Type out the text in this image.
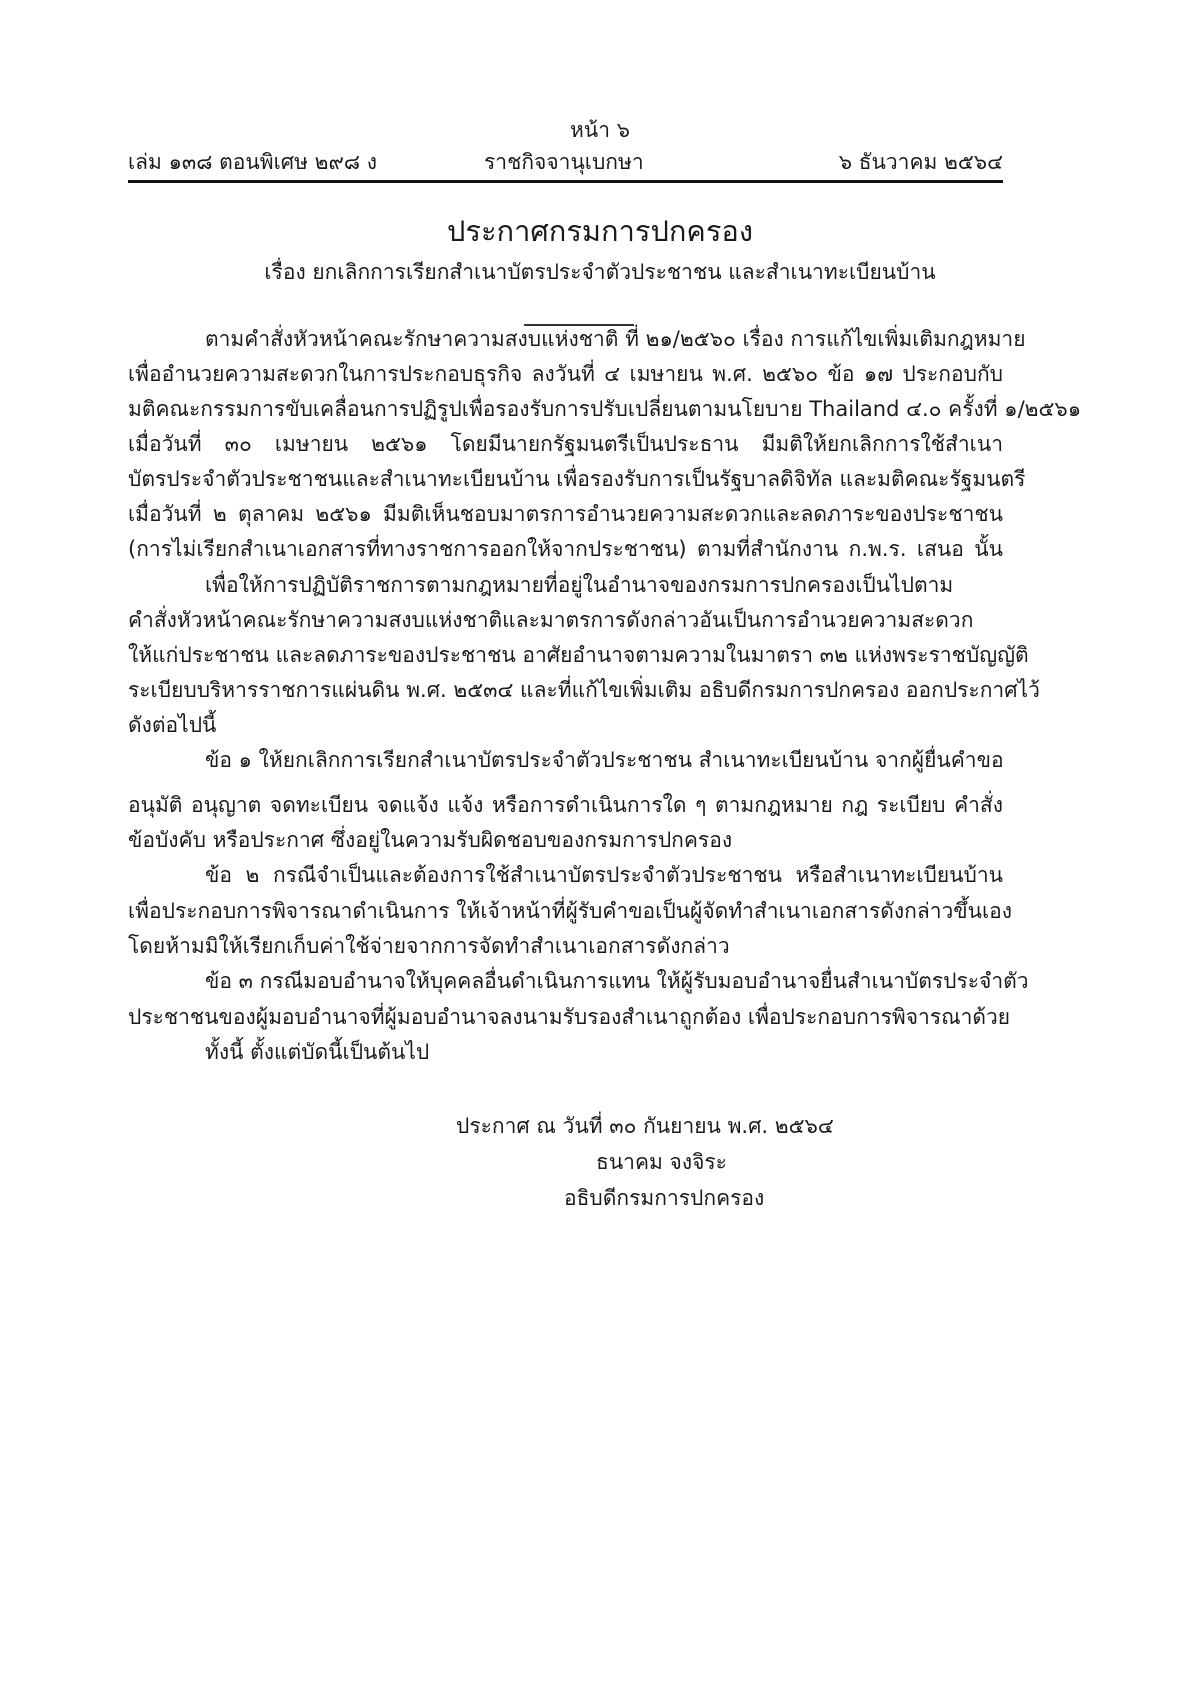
หน้า ๖
เล่ม ๑๓๘ ตอนพิเศษ ๒๙๘ ง	ราชกิจจานุเบกษา	๖ ธันวาคม ๒๕๖๔
ประกาศกรมการปกครอง
เรื่อง ยกเลิกการเรียกสำเนาบัตรประจำตัวประชาชน และสำเนาทะเบียนบ้าน
ตามคำสั่งหัวหน้าคณะรักษาความสงบแห่งชาติ ที่ ๒๑/๒๕๖๐ เรื่อง การแก้ไขเพิ่มเติมกฎหมาย
เพื่ออำนวยความสะดวกในการประกอบธุรกิจ ลงวันที่ ๔ เมษายน พ.ศ. ๒๕๖๐ ข้อ ๑๗ ประกอบกับ
มติคณะกรรมการขับเคลื่อนการปฏิรูปเพื่อรองรับการปรับเปลี่ยนตามนโยบาย Thailand ๔.๐ ครั้งที่ ๑/๒๕๖๑
เมื่อวันที่ ๓๐ เมษายน ๒๕๖๑ โดยมีนายกรัฐมนตรีเป็นประธาน มีมติให้ยกเลิกการใช้สำเนา
บัตรประจำตัวประชาชนและสำเนาทะเบียนบ้าน เพื่อรองรับการเป็นรัฐบาลดิจิทัล และมติคณะรัฐมนตรี
เมื่อวันที่ ๒ ตุลาคม ๒๕๖๑ มีมติเห็นชอบมาตรการอำนวยความสะดวกและลดภาระของประชาชน
(การไม่เรียกสำเนาเอกสารที่ทางราชการออกให้จากประชาชน) ตามที่สำนักงาน ก.พ.ร. เสนอ นั้น
เพื่อให้การปฏิบัติราชการตามกฎหมายที่อยู่ในอำนาจของกรมการปกครองเป็นไปตาม
คำสั่งหัวหน้าคณะรักษาความสงบแห่งชาติและมาตรการดังกล่าวอันเป็นการอำนวยความสะดวก
ให้แก่ประชาชน และลดภาระของประชาชน อาศัยอำนาจตามความในมาตรา ๓๒ แห่งพระราชบัญญัติ
ระเบียบบริหารราชการแผ่นดิน พ.ศ. ๒๕๓๔ และที่แก้ไขเพิ่มเติม อธิบดีกรมการปกครอง ออกประกาศไว้
ดังต่อไปนี้
ข้อ ๑ ให้ยกเลิกการเรียกสำเนาบัตรประจำตัวประชาชน สำเนาทะเบียนบ้าน จากผู้ยื่นคำขอ
อนุมัติ อนุญาต จดทะเบียน จดแจ้ง แจ้ง หรือการดำเนินการใด ๆ ตามกฎหมาย กฎ ระเบียบ คำสั่ง
ข้อบังคับ หรือประกาศ ซึ่งอยู่ในความรับผิดชอบของกรมการปกครอง
ข้อ ๒ กรณีจำเป็นและต้องการใช้สำเนาบัตรประจำตัวประชาชน หรือสำเนาทะเบียนบ้าน
เพื่อประกอบการพิจารณาดำเนินการ ให้เจ้าหน้าที่ผู้รับคำขอเป็นผู้จัดทำสำเนาเอกสารดังกล่าวขึ้นเอง
โดยห้ามมิให้เรียกเก็บค่าใช้จ่ายจากการจัดทำสำเนาเอกสารดังกล่าว
ข้อ ๓ กรณีมอบอำนาจให้บุคคลอื่นดำเนินการแทน ให้ผู้รับมอบอำนาจยื่นสำเนาบัตรประจำตัว
ประชาชนของผู้มอบอำนาจที่ผู้มอบอำนาจลงนามรับรองสำเนาถูกต้อง เพื่อประกอบการพิจารณาด้วย
ทั้งนี้ ตั้งแต่บัดนี้เป็นต้นไป
ประกาศ ณ วันที่ ๓๐ กันยายน พ.ศ. ๒๕๖๔
ธนาคม จงจิระ
อธิบดีกรมการปกครอง
